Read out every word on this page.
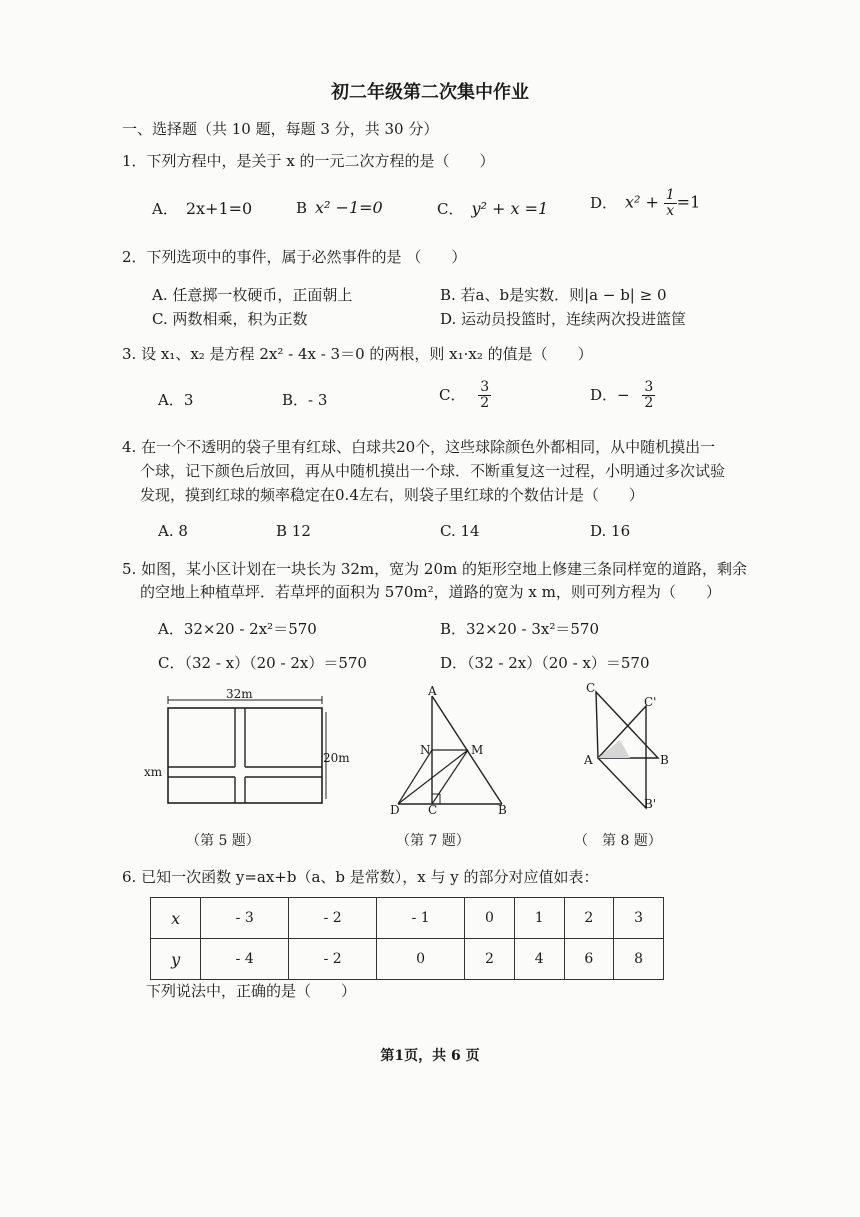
初二年级第二次集中作业
一、选择题（共 10 题，每题 3 分，共 30 分）
1．下列方程中，是关于 x 的一元二次方程的是（　　）
A． 2x+1=0	B x² −1=0	C． y² + x =1	D． $x^2 + \frac{1}{x} =1$
2．下列选项中的事件，属于必然事件的是 （　　）
A. 任意掷一枚硬币，正面朝上	B. 若a、b是实数．则|a − b| ≥ 0
C. 两数相乘，积为正数	D. 运动员投篮时，连续两次投进篮筐
3. 设 x₁、x₂ 是方程 2x² - 4x - 3＝0 的两根，则 x₁·x₂ 的值是（　　）
A．3	B．- 3	C． $\frac{3}{2}$	D．− $\frac{3}{2}$
4. 在一个不透明的袋子里有红球、白球共20个，这些球除颜色外都相同，从中随机摸出一
个球，记下颜色后放回，再从中随机摸出一个球．不断重复这一过程，小明通过多次试验
发现，摸到红球的频率稳定在0.4左右，则袋子里红球的个数估计是（　　）
A. 8	B 12	C. 14	D. 16
5. 如图，某小区计划在一块长为 32m，宽为 20m 的矩形空地上修建三条同样宽的道路，剩余
的空地上种植草坪．若草坪的面积为 570m²，道路的宽为 x m，则可列方程为（　　）
A．32×20 - 2x²＝570	B．32×20 - 3x²＝570
C．（32 - x）（20 - 2x）＝570	D．（32 - 2x）（20 - x）＝570
32m
20m
xm
（第 5 题）
A
N	M
D C	B
（第 7 题）
C
C'
A	B
B'
（　第 8 题）
6. 已知一次函数 y=ax+b（a、b 是常数），x 与 y 的部分对应值如表：
x	- 3	- 2	- 1	0	1	2	3
y	- 4	- 2	0	2	4	6	8
下列说法中，正确的是（　　）
第1页，共 6 页
